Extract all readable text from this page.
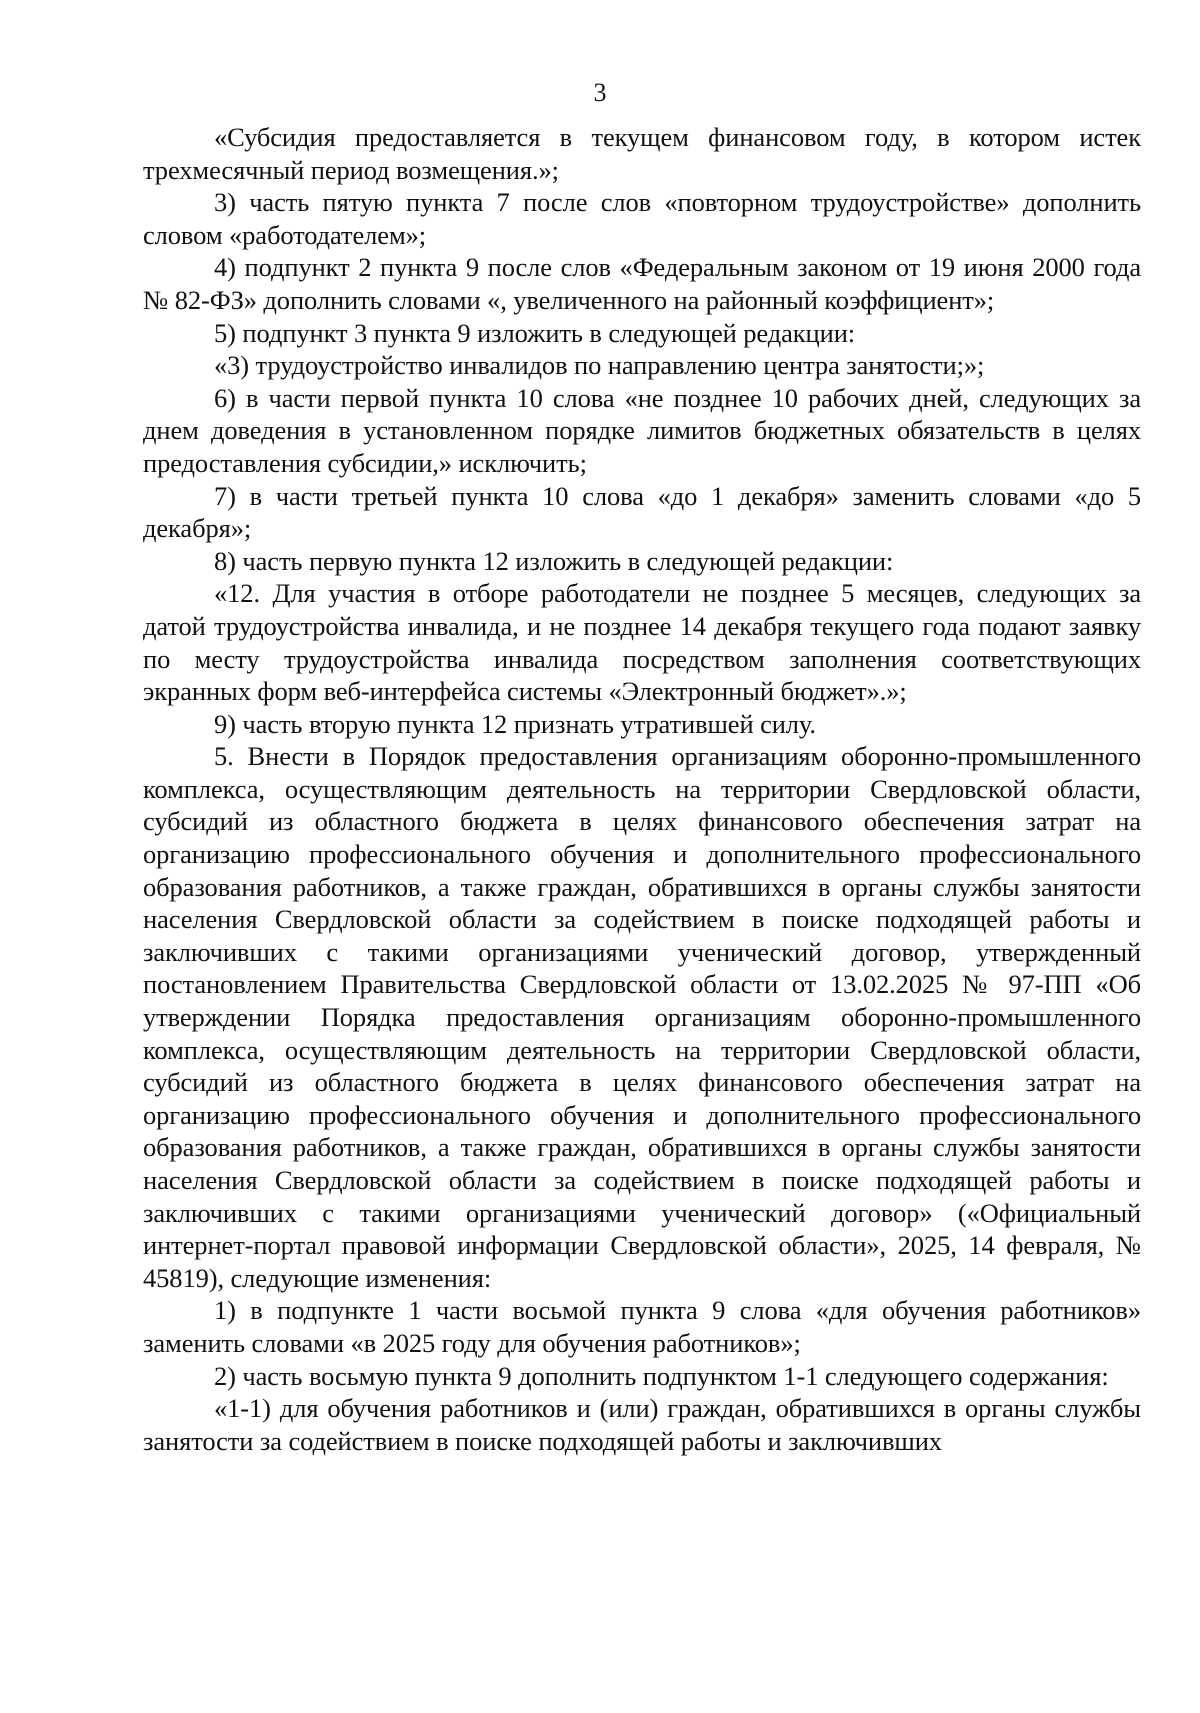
3

«Субсидия предоставляется в текущем финансовом году, в котором истек трехмесячный период возмещения.»;

3) часть пятую пункта 7 после слов «повторном трудоустройстве» дополнить словом «работодателем»;

4) подпункт 2 пункта 9 после слов «Федеральным законом от 19 июня 2000 года № 82-ФЗ» дополнить словами «, увеличенного на районный коэффициент»;

5) подпункт 3 пункта 9 изложить в следующей редакции:

«3) трудоустройство инвалидов по направлению центра занятости;»;

6) в части первой пункта 10 слова «не позднее 10 рабочих дней, следующих за днем доведения в установленном порядке лимитов бюджетных обязательств в целях предоставления субсидии,» исключить;

7) в части третьей пункта 10 слова «до 1 декабря» заменить словами «до 5 декабря»;

8) часть первую пункта 12 изложить в следующей редакции:

«12. Для участия в отборе работодатели не позднее 5 месяцев, следующих за датой трудоустройства инвалида, и не позднее 14 декабря текущего года подают заявку по месту трудоустройства инвалида посредством заполнения соответствующих экранных форм веб-интерфейса системы «Электронный бюджет».»;

9) часть вторую пункта 12 признать утратившей силу.

5. Внести в Порядок предоставления организациям оборонно-промышленного комплекса, осуществляющим деятельность на территории Свердловской области, субсидий из областного бюджета в целях финансового обеспечения затрат на организацию профессионального обучения и дополнительного профессионального образования работников, а также граждан, обратившихся в органы службы занятости населения Свердловской области за содействием в поиске подходящей работы и заключивших с такими организациями ученический договор, утвержденный постановлением Правительства Свердловской области от 13.02.2025 № 97-ПП «Об утверждении Порядка предоставления организациям оборонно-промышленного комплекса, осуществляющим деятельность на территории Свердловской области, субсидий из областного бюджета в целях финансового обеспечения затрат на организацию профессионального обучения и дополнительного профессионального образования работников, а также граждан, обратившихся в органы службы занятости населения Свердловской области за содействием в поиске подходящей работы и заключивших с такими организациями ученический договор» («Официальный интернет-портал правовой информации Свердловской области», 2025, 14 февраля, № 45819), следующие изменения:

1) в подпункте 1 части восьмой пункта 9 слова «для обучения работников» заменить словами «в 2025 году для обучения работников»;

2) часть восьмую пункта 9 дополнить подпунктом 1-1 следующего содержания:

«1-1) для обучения работников и (или) граждан, обратившихся в органы службы занятости за содействием в поиске подходящей работы и заключивших
